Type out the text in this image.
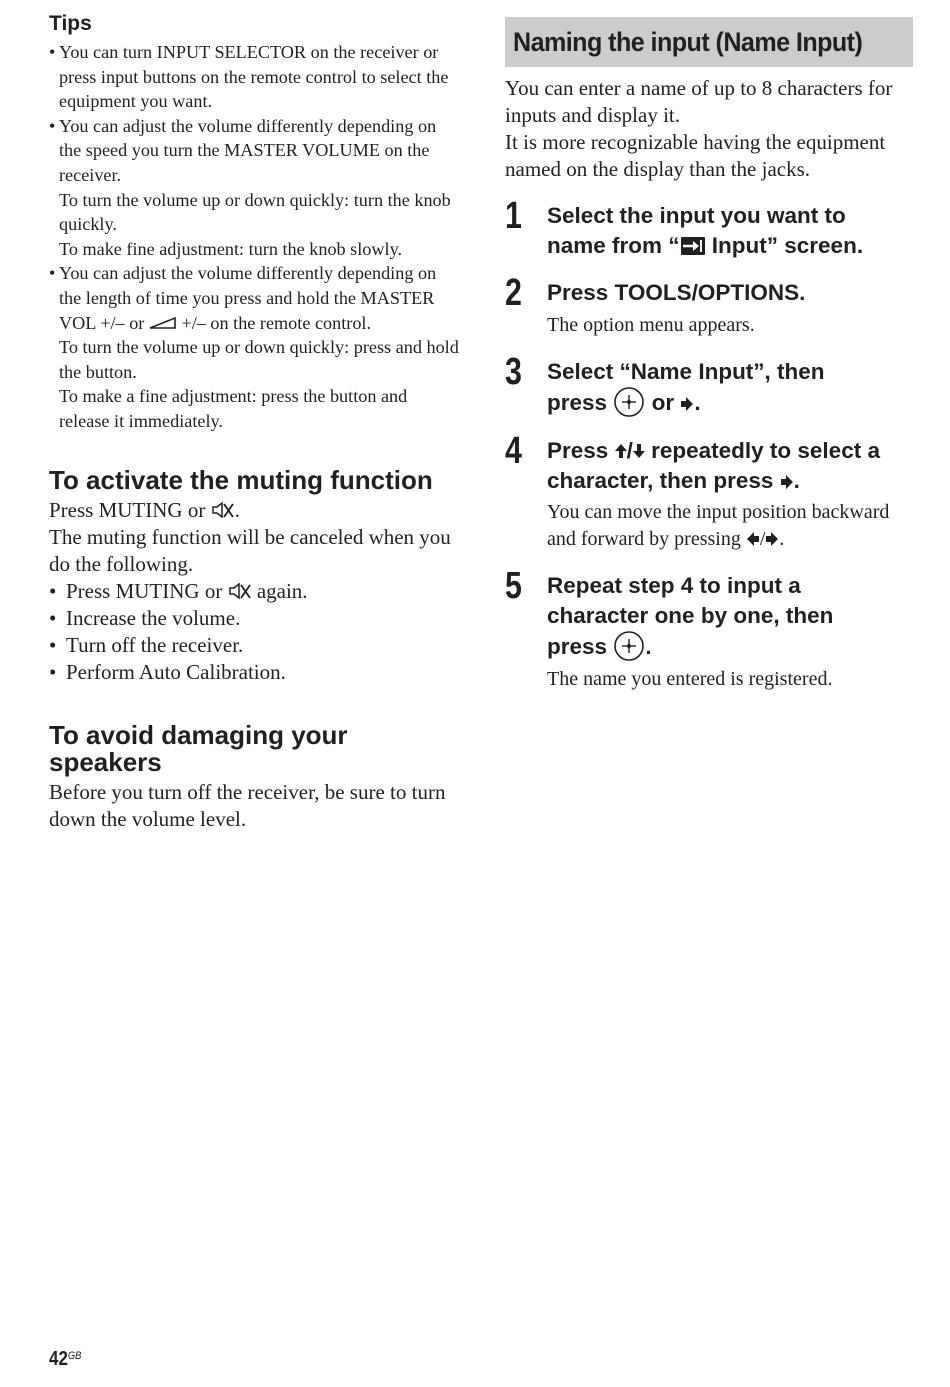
Tips
• You can turn INPUT SELECTOR on the receiver or press input buttons on the remote control to select the equipment you want.

• You can adjust the volume differently depending on the speed you turn the MASTER VOLUME on the receiver.

To turn the volume up or down quickly: turn the knob quickly.

To make fine adjustment: turn the knob slowly.

• You can adjust the volume differently depending on the length of time you press and hold the MASTER VOL +/– or +/– on the remote control.

To turn the volume up or down quickly: press and hold the button.

To make a fine adjustment: press the button and release it immediately.

To activate the muting function

Press MUTING or .

The muting function will be canceled when you do the following.

• Press MUTING or again.
• Increase the volume.
• Turn off the receiver.
• Perform Auto Calibration.
To avoid damaging your
speakers

Before you turn off the receiver, be sure to turn down the volume level.

Naming the input (Name Input)

You can enter a name of up to 8 characters for inputs and display it.

It is more recognizable having the equipment named on the display than the jacks.

1 Select the input you want to
name from “ Input” screen.

2 Press TOOLS/OPTIONS.

The option menu appears.

3 Select “Name Input”, then
press or .

4 Press / repeatedly to select a character, then press .

You can move the input position backward and forward by pressing / .

5 Repeat step 4 to input a
character one by one, then
press .

The name you entered is registered.

$42^{GB}$
